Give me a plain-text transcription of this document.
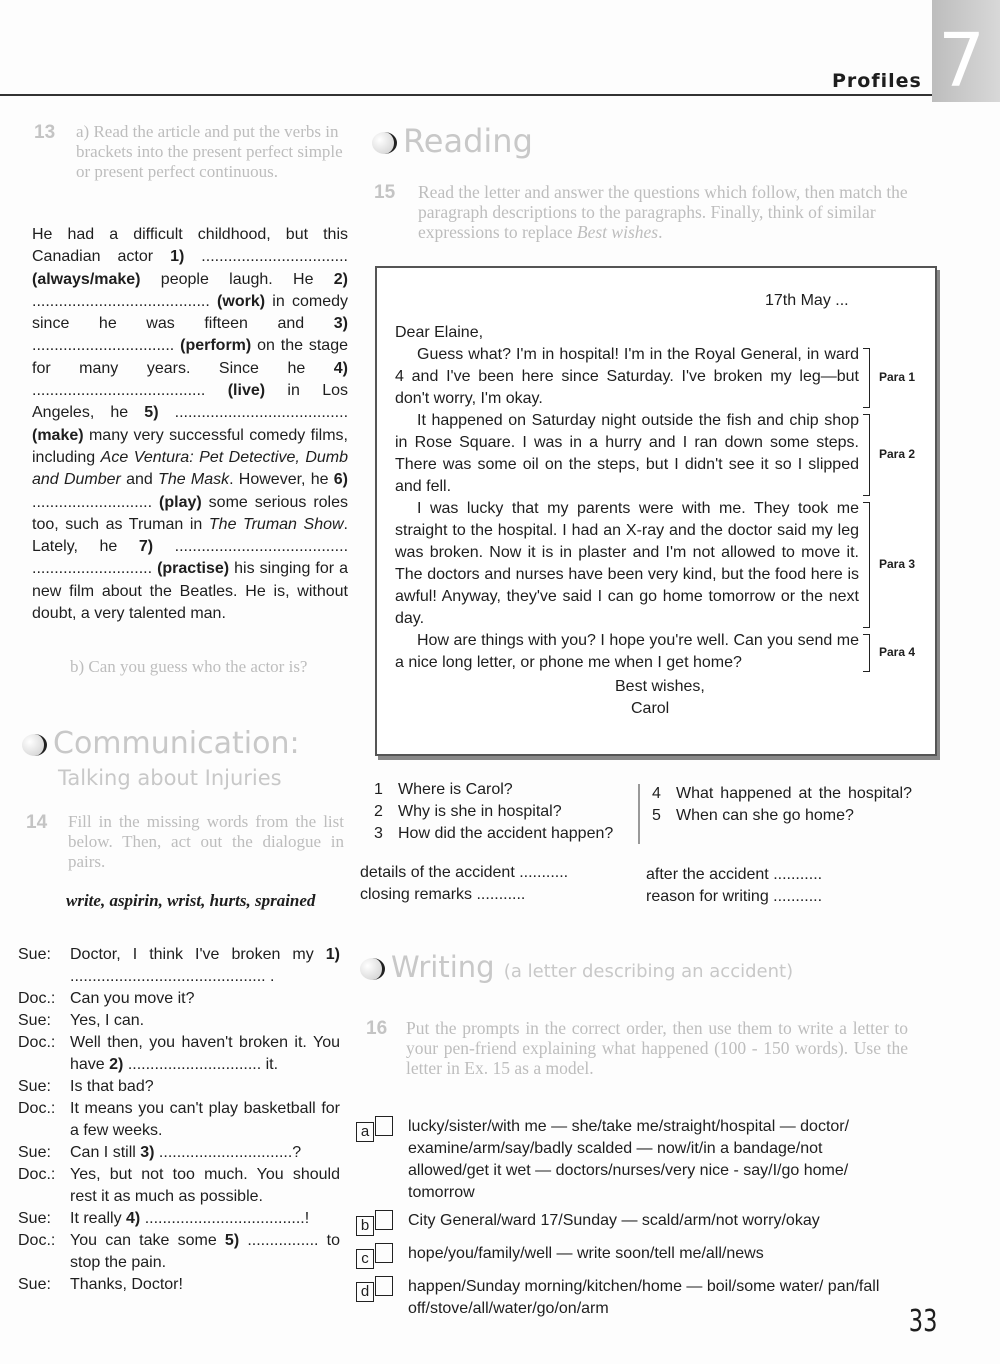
7
Profiles
13 a) Read the article and put the verbs in brackets into the present perfect simple or present perfect continuous.
He had a difficult childhood, but this Canadian actor 1) ................................. (always/make) people laugh. He 2) ........................................ (work) in comedy since he was fifteen and 3) ................................ (perform) on the stage for many years. Since he 4) ....................................... (live) in Los Angeles, he 5) ....................................... (make) many very successful comedy films, including Ace Ventura: Pet Detective, Dumb and Dumber and The Mask. However, he 6) ........................... (play) some serious roles too, such as Truman in The Truman Show. Lately, he 7) ....................................... ........................... (practise) his singing for a new film about the Beatles. He is, without doubt, a very talented man.
b) Can you guess who the actor is?
Communication:
Talking about Injuries
14 Fill in the missing words from the list below. Then, act out the dialogue in pairs.
write, aspirin, wrist, hurts, sprained
Sue:	Doctor, I think I've broken my 1) ............................................ .
Doc.: Can you move it?
Sue:	Yes, I can.
Doc.: Well then, you haven't broken it. You have 2) .............................. it.
Sue:	Is that bad?
Doc.: It means you can't play basketball for a few weeks.
Sue:	Can I still 3) ..............................?
Doc.: Yes, but not too much. You should rest it as much as possible.
Sue:	It really 4) ....................................!
Doc.: You can take some 5) ................ to stop the pain.
Sue:	Thanks, Doctor!
Reading
15 Read the letter and answer the questions which follow, then match the paragraph descriptions to the paragraphs. Finally, think of similar expressions to replace Best wishes.
17th May ...
Dear Elaine,
Guess what? I'm in hospital! I'm in the Royal General, in ward 4 and I've been here since Saturday. I've broken my leg—but don't worry, I'm okay.
Para 1
It happened on Saturday night outside the fish and chip shop in Rose Square. I was in a hurry and I ran down some steps. There was some oil on the steps, but I didn't see it so I slipped and fell.
Para 2
I was lucky that my parents were with me. They took me straight to the hospital. I had an X-ray and the doctor said my leg was broken. Now it is in plaster and I'm not allowed to move it. The doctors and nurses have been very kind, but the food here is awful! Anyway, they've said I can go home tomorrow or the next day.
Para 3
How are things with you? I hope you're well. Can you send me a nice long letter, or phone me when I get home?
Para 4
Best wishes,
Carol
1 Where is Carol?
2 Why is she in hospital?
3 How did the accident happen?
4 What happened at the hospital?
5 When can she go home?
details of the accident ...........
closing remarks ...........
after the accident ...........
reason for writing ...........
Writing (a letter describing an accident)
16 Put the prompts in the correct order, then use them to write a letter to your pen-friend explaining what happened (100 - 150 words). Use the letter in Ex. 15 as a model.
a	lucky/sister/with me — she/take me/straight/hospital — doctor/ examine/arm/say/badly scalded — now/it/in a bandage/not allowed/get it wet — doctors/nurses/very nice - say/I/go home/ tomorrow
b	City General/ward 17/Sunday — scald/arm/not worry/okay
c	hope/you/family/well — write soon/tell me/all/news
d	happen/Sunday morning/kitchen/home — boil/some water/ pan/fall off/stove/all/water/go/on/arm	33
